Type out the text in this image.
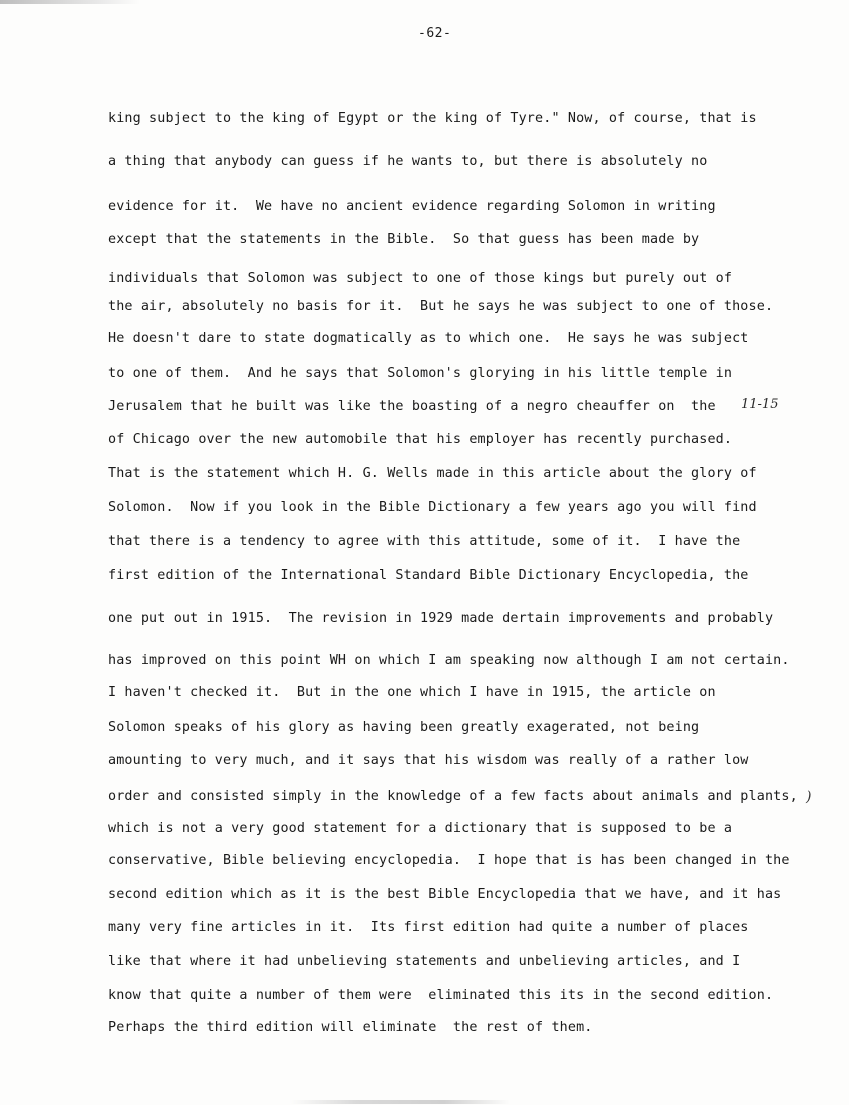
-62-
king subject to the king of Egypt or the king of Tyre." Now, of course, that is
a thing that anybody can guess if he wants to, but there is absolutely no
evidence for it.  We have no ancient evidence regarding Solomon in writing
except that the statements in the Bible.  So that guess has been made by
individuals that Solomon was subject to one of those kings but purely out of
the air, absolutely no basis for it.  But he says he was subject to one of those.
He doesn't dare to state dogmatically as to which one.  He says he was subject
to one of them.  And he says that Solomon's glorying in his little temple in
Jerusalem that he built was like the boasting of a negro cheauffer on  the
of Chicago over the new automobile that his employer has recently purchased.
That is the statement which H. G. Wells made in this article about the glory of
Solomon.  Now if you look in the Bible Dictionary a few years ago you will find
that there is a tendency to agree with this attitude, some of it.  I have the
first edition of the International Standard Bible Dictionary Encyclopedia, the
one put out in 1915.  The revision in 1929 made dertain improvements and probably
has improved on this point WH on which I am speaking now although I am not certain.
I haven't checked it.  But in the one which I have in 1915, the article on
Solomon speaks of his glory as having been greatly exagerated, not being
amounting to very much, and it says that his wisdom was really of a rather low
order and consisted simply in the knowledge of a few facts about animals and plants,
which is not a very good statement for a dictionary that is supposed to be a
conservative, Bible believing encyclopedia.  I hope that is has been changed in the
second edition which as it is the best Bible Encyclopedia that we have, and it has
many very fine articles in it.  Its first edition had quite a number of places
like that where it had unbelieving statements and unbelieving articles, and I
know that quite a number of them were  eliminated this its in the second edition.
Perhaps the third edition will eliminate  the rest of them.
11-15
)
